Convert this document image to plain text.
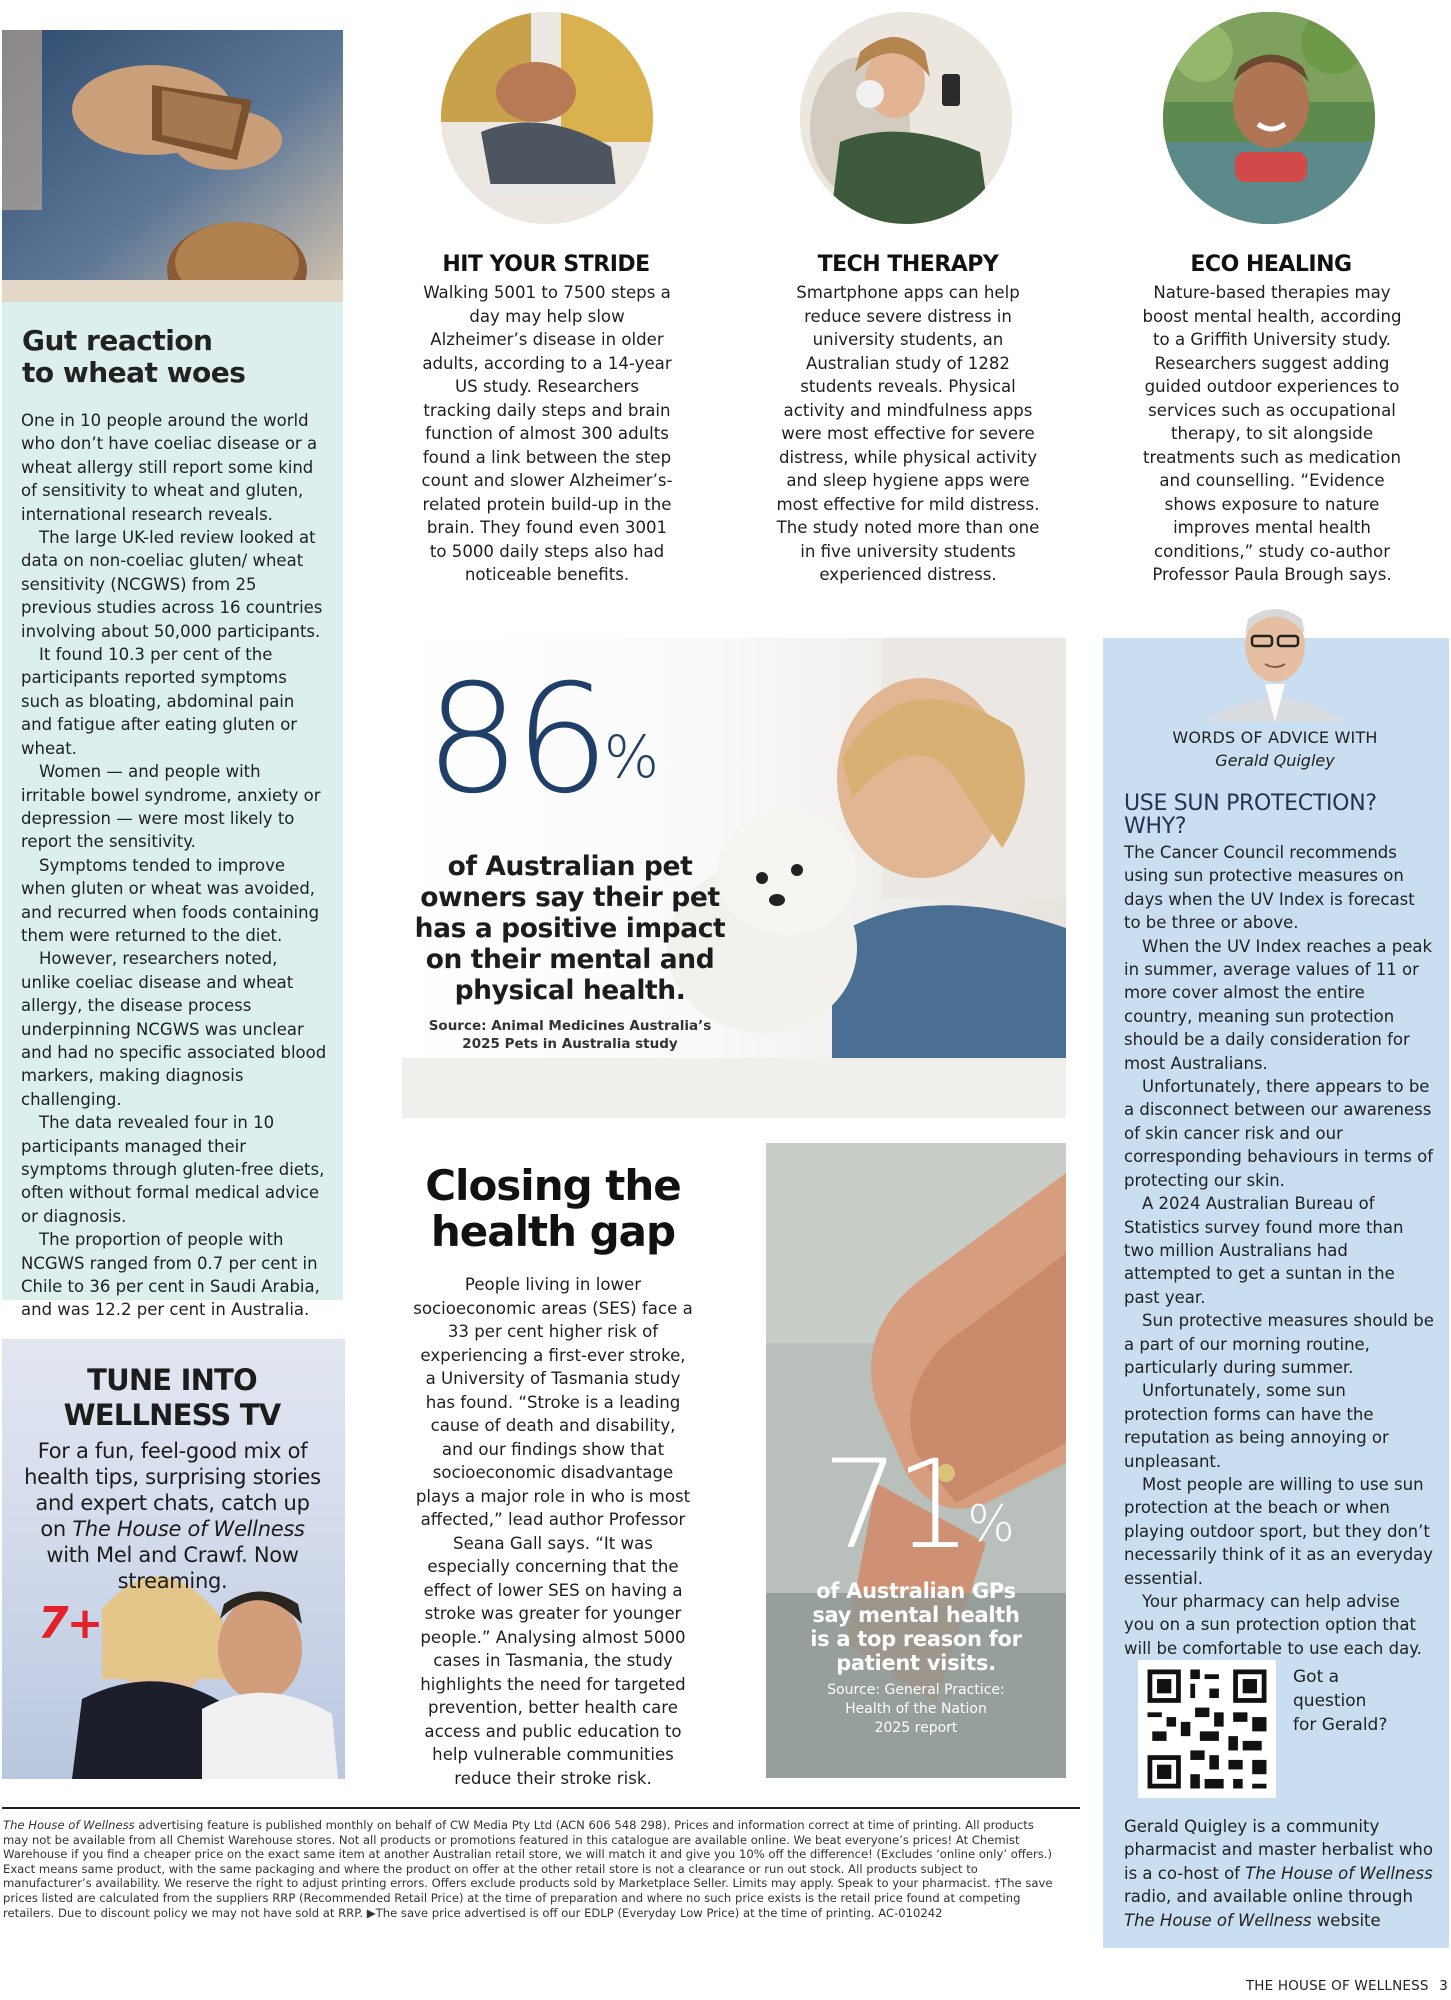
Gut reaction
to wheat woes

One in 10 people around the world who don’t have coeliac disease or a wheat allergy still report some kind of sensitivity to wheat and gluten, international research reveals.

The large UK-led review looked at data on non-coeliac gluten/ wheat sensitivity (NCGWS) from 25 previous studies across 16 countries involving about 50,000 participants.

It found 10.3 per cent of the participants reported symptoms such as bloating, abdominal pain and fatigue after eating gluten or wheat.

Women — and people with irritable bowel syndrome, anxiety or depression — were most likely to report the sensitivity.

Symptoms tended to improve when gluten or wheat was avoided, and recurred when foods containing them were returned to the diet.

However, researchers noted, unlike coeliac disease and wheat allergy, the disease process underpinning NCGWS was unclear and had no specific associated blood markers, making diagnosis challenging.

The data revealed four in 10 participants managed their symptoms through gluten-free diets, often without formal medical advice or diagnosis.

The proportion of people with NCGWS ranged from 0.7 per cent in Chile to 36 per cent in Saudi Arabia, and was 12.2 per cent in Australia.

HIT YOUR STRIDE
Walking 5001 to 7500 steps a day may help slow Alzheimer’s disease in older adults, according to a 14-year US study. Researchers tracking daily steps and brain function of almost 300 adults found a link between the step count and slower Alzheimer’s-related protein build-up in the brain. They found even 3001 to 5000 daily steps also had noticeable benefits.
TECH THERAPY
Smartphone apps can help reduce severe distress in university students, an Australian study of 1282 students reveals. Physical activity and mindfulness apps were most effective for severe distress, while physical activity and sleep hygiene apps were most effective for mild distress. The study noted more than one in five university students experienced distress.
ECO HEALING
Nature-based therapies may boost mental health, according to a Griffith University study. Researchers suggest adding guided outdoor experiences to services such as occupational therapy, to sit alongside treatments such as medication and counselling. “Evidence shows exposure to nature improves mental health conditions,” study co-author Professor Paula Brough says.
86%
of Australian pet
owners say their pet
has a positive impact
on their mental and
physical health.
Source: Animal Medicines Australia’s
2025 Pets in Australia study
Closing the
health gap
People living in lower socioeconomic areas (SES) face a 33 per cent higher risk of experiencing a first-ever stroke, a University of Tasmania study has found. “Stroke is a leading cause of death and disability, and our findings show that socioeconomic disadvantage plays a major role in who is most affected,” lead author Professor Seana Gall says. “It was especially concerning that the effect of lower SES on having a stroke was greater for younger people.” Analysing almost 5000 cases in Tasmania, the study highlights the need for targeted prevention, better health care access and public education to help vulnerable communities reduce their stroke risk.
71%
of Australian GPs
say mental health
is a top reason for
patient visits.
Source: General Practice:
Health of the Nation
2025 report
TUNE INTO
WELLNESS TV
For a fun, feel-good mix of health tips, surprising stories and expert chats, catch up on The House of Wellness with Mel and Crawf. Now streaming.
7+
WORDS OF ADVICE WITH
Gerald Quigley
USE SUN PROTECTION?
WHY?

The Cancer Council recommends using sun protective measures on days when the UV Index is forecast to be three or above.

When the UV Index reaches a peak in summer, average values of 11 or more cover almost the entire country, meaning sun protection should be a daily consideration for most Australians.

Unfortunately, there appears to be a disconnect between our awareness of skin cancer risk and our corresponding behaviours in terms of protecting our skin.

A 2024 Australian Bureau of Statistics survey found more than two million Australians had attempted to get a suntan in the past year.

Sun protective measures should be a part of our morning routine, particularly during summer.

Unfortunately, some sun protection forms can have the reputation as being annoying or unpleasant.

Most people are willing to use sun protection at the beach or when playing outdoor sport, but they don’t necessarily think of it as an everyday essential.

Your pharmacy can help advise you on a sun protection option that will be comfortable to use each day.

Got a
question
for Gerald?
Gerald Quigley is a community pharmacist and master herbalist who is a co-host of The House of Wellness radio, and available online through The House of Wellness website
The House of Wellness advertising feature is published monthly on behalf of CW Media Pty Ltd (ACN 606 548 298). Prices and information correct at time of printing. All products may not be available from all Chemist Warehouse stores. Not all products or promotions featured in this catalogue are available online. We beat everyone’s prices! At Chemist Warehouse if you find a cheaper price on the exact same item at another Australian retail store, we will match it and give you 10% off the difference! (Excludes ‘online only’ offers.) Exact means same product, with the same packaging and where the product on offer at the other retail store is not a clearance or run out stock. All products subject to manufacturer’s availability. We reserve the right to adjust printing errors. Offers exclude products sold by Marketplace Seller. Limits may apply. Speak to your pharmacist. †The save prices listed are calculated from the suppliers RRP (Recommended Retail Price) at the time of preparation and where no such price exists is the retail price found at competing retailers. Due to discount policy we may not have sold at RRP. ▶The save price advertised is off our EDLP (Everyday Low Price) at the time of printing. AC-010242
THE HOUSE OF WELLNESS 3
